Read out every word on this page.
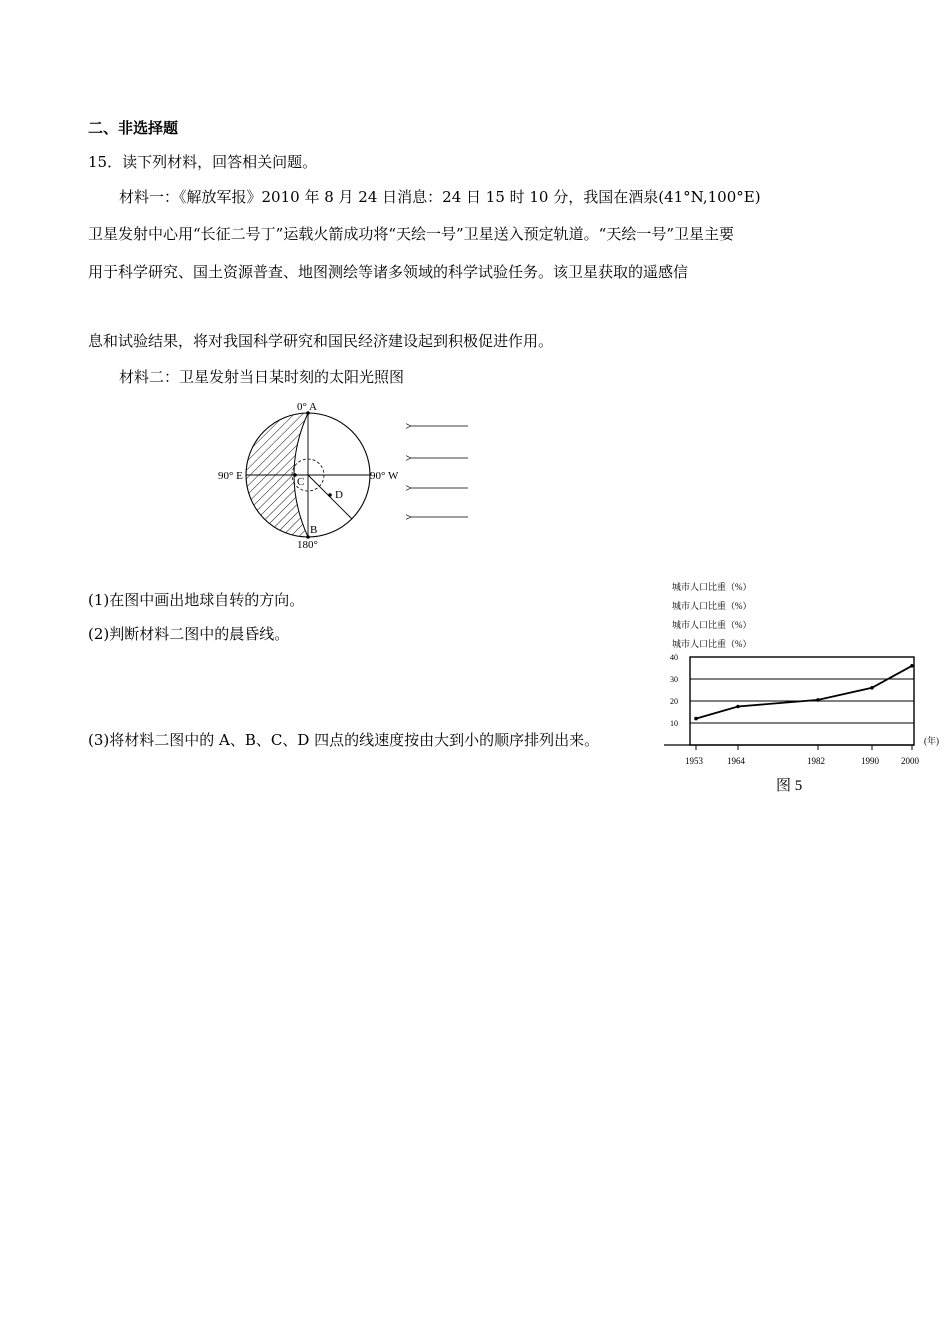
二、非选择题
15．读下列材料，回答相关问题。
材料一：《解放军报》2010 年 8 月 24 日消息：24 日 15 时 10 分，我国在酒泉(41°N,100°E)
卫星发射中心用“长征二号丁”运载火箭成功将“天绘一号”卫星送入预定轨道。“天绘一号”卫星主要
用于科学研究、国土资源普查、地图测绘等诸多领域的科学试验任务。该卫星获取的遥感信
息和试验结果，将对我国科学研究和国民经济建设起到积极促进作用。
材料二：卫星发射当日某时刻的太阳光照图
0° A
B
180°
90° E	90° W
C
D
(1)在图中画出地球自转的方向。
(2)判断材料二图中的晨昏线。
(3)将材料二图中的 A、B、C、D 四点的线速度按由大到小的顺序排列出来。
城市人口比重（%）
城市人口比重（%）
城市人口比重（%）
城市人口比重（%）
10
20
30
40
1953	1964	1982	1990 2000
(年)
图 5
